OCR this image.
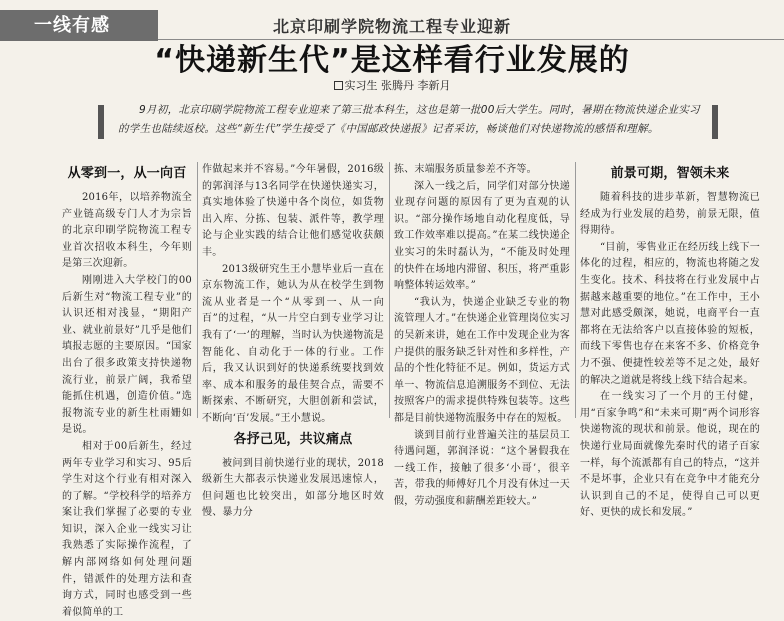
一线有感	北京印刷学院物流工程专业迎新
“快递新生代”是这样看行业发展的
实习生 张腾丹 李新月

9月初，北京印刷学院物流工程专业迎来了第三批本科生，这也是第一批00后大学生。同时，暑期在物流快递企业实习的学生也陆续返校。这些“新生代”学生接受了《中国邮政快递报》记者采访，畅谈他们对快递物流的感悟和理解。

从零到一，从一向百

2016年，以培养物流全产业链高级专门人才为宗旨的北京印刷学院物流工程专业首次招收本科生，今年则是第三次迎新。

刚刚进入大学校门的00后新生对“物流工程专业”的认识还相对浅显，“期阳产业、就业前景好”几乎是他们填报志愿的主要原因。“国家出台了很多政策支持快递物流行业，前景广阔，我希望能抓住机遇，创造价值。”选报物流专业的新生杜雨姗如是说。

相对于00后新生，经过两年专业学习和实习、95后学生对这个行业有相对深入的了解。“学校科学的培养方案让我们掌握了必要的专业知识，深入企业一线实习让我熟悉了实际操作流程，了解内部网络如何处理问题件，错派件的处理方法和查询方式，同时也感受到一些着似简单的工

作做起来并不容易。”今年暑假，2016级的郭润泽与13名同学在快递快递实习，真实地体验了快递中各个岗位，如货物出入库、分拣、包装、派件等，教学理论与企业实践的结合让他们感觉收获颇丰。

2013级研究生王小慧毕业后一直在京东物流工作，她认为从在校学生到物流从业者是一个“从零到一、从一向百”的过程，“从一片空白到专业学习让我有了‘一’的理解，当时认为快递物流是智能化、自动化于一体的行业。工作后，我又认识到好的快递系统要找到效率、成本和服务的最佳契合点，需要不断探索、不断研究，大胆创新和尝试，不断向‘百’发展。”王小慧说。

各抒己见，共议痛点

被问到目前快递行业的现状，2018级新生大都表示快递业发展迅速惊人，但问题也比较突出，如部分地区时效慢、暴力分

拣、末端服务质量参差不齐等。

深入一线之后，同学们对部分快递业现存问题的原因有了更为直观的认识。“部分操作场地自动化程度低，导致工作效率难以提高。”在某二线快递企业实习的朱时磊认为，“不能及时处理的快件在场地内滞留、积压，将严重影响整体转运效率。”

“我认为，快递企业缺乏专业的物流管理人才。”在快递企业管理岗位实习的吴新来讲，她在工作中发现企业为客户提供的服务缺乏针对性和多样性，产品的个性化特征不足。例如，货运方式单一、物流信息追溯服务不到位、无法按照客户的需求提供特殊包装等。这些都是目前快递物流服务中存在的短板。

谈到目前行业普遍关注的基层员工待遇问题，郭润泽说：“这个暑假我在一线工作，接触了很多‘小哥’，很辛苦，带我的师傅好几个月没有休过一天假，劳动强度和薪酬差距较大。”

前景可期，智领未来

随着科技的进步革新，智慧物流已经成为行业发展的趋势，前景无限，值得期待。

“目前，零售业正在经历线上线下一体化的过程，相应的，物流也将随之发生变化。技术、科技将在行业发展中占据越来越重要的地位。”在工作中，王小慧对此感受颇深，她说，电商平台一直都将在无法给客户以直接体验的短板，而线下零售也存在来客不多、价格竞争力不强、便捷性较差等不足之处，最好的解决之道就是将线上线下结合起来。

在一线实习了一个月的王付健，用“百家争鸣”和“未来可期”两个词形容快递物流的现状和前景。他说，现在的快递行业局面就像先秦时代的诸子百家一样，每个流派都有自己的特点，“这并不是坏事，企业只有在竞争中才能充分认识到自己的不足，使得自己可以更好、更快的成长和发展。”
